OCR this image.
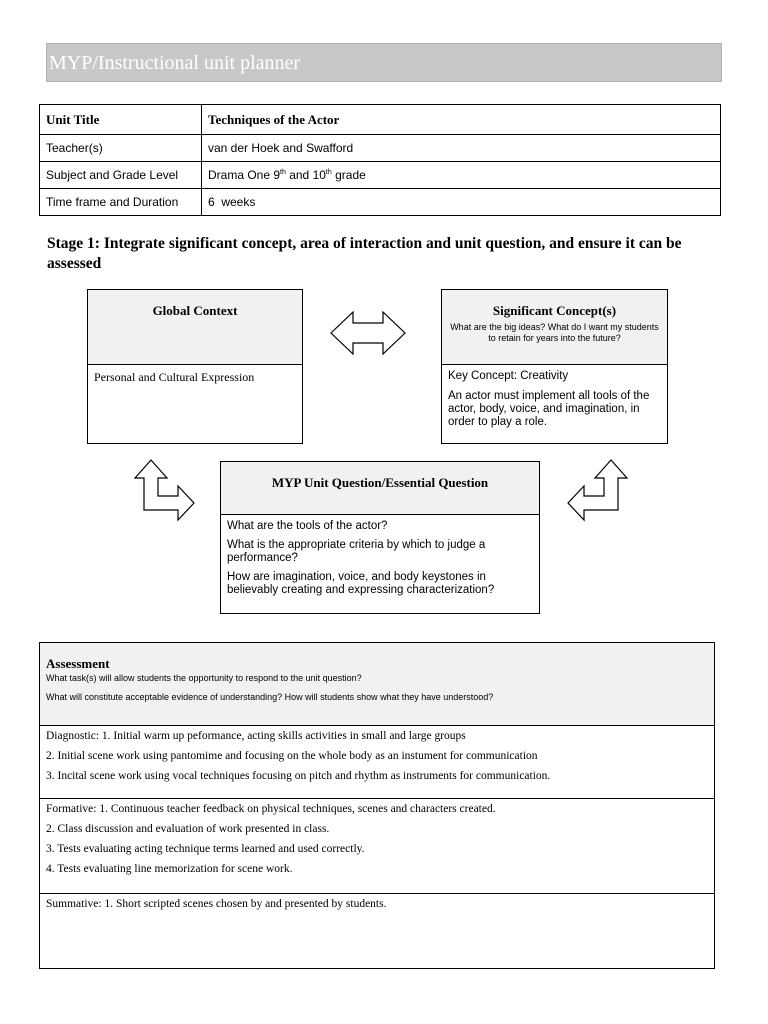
MYP/Instructional unit planner
Unit Title	Techniques of the Actor
Teacher(s)	van der Hoek and Swafford
Subject and Grade Level	Drama One 9th and 10th grade
Time frame and Duration	6  weeks
Stage 1: Integrate significant concept, area of interaction and unit question, and ensure it can be assessed
Global Context
Personal and Cultural Expression
Significant Concept(s)
What are the big ideas? What do I want my students to retain for years into the future?

Key Concept: Creativity

An actor must implement all tools of the actor, body, voice, and imagination, in order to play a role.

MYP Unit Question/Essential Question

What are the tools of the actor?

What is the appropriate criteria by which to judge a performance?

How are imagination, voice, and body keystones in believably creating and expressing characterization?

Assessment
What task(s) will allow students the opportunity to respond to the unit question?
What will constitute acceptable evidence of understanding? How will students show what they have understood?

Diagnostic: 1. Initial warm up peformance, acting skills activities in small and large groups
2. Initial scene work using pantomime and focusing on the whole body as an instument for communication
3. Incital scene work using vocal techniques focusing on pitch and rhythm as instruments for communication.

Formative: 1. Continuous teacher feedback on physical techniques, scenes and characters created.
2. Class discussion and evaluation of work presented in class.
3. Tests evaluating acting technique terms learned and used correctly.
4. Tests evaluating line memorization for scene work.

Summative: 1. Short scripted scenes chosen by and presented by students.
